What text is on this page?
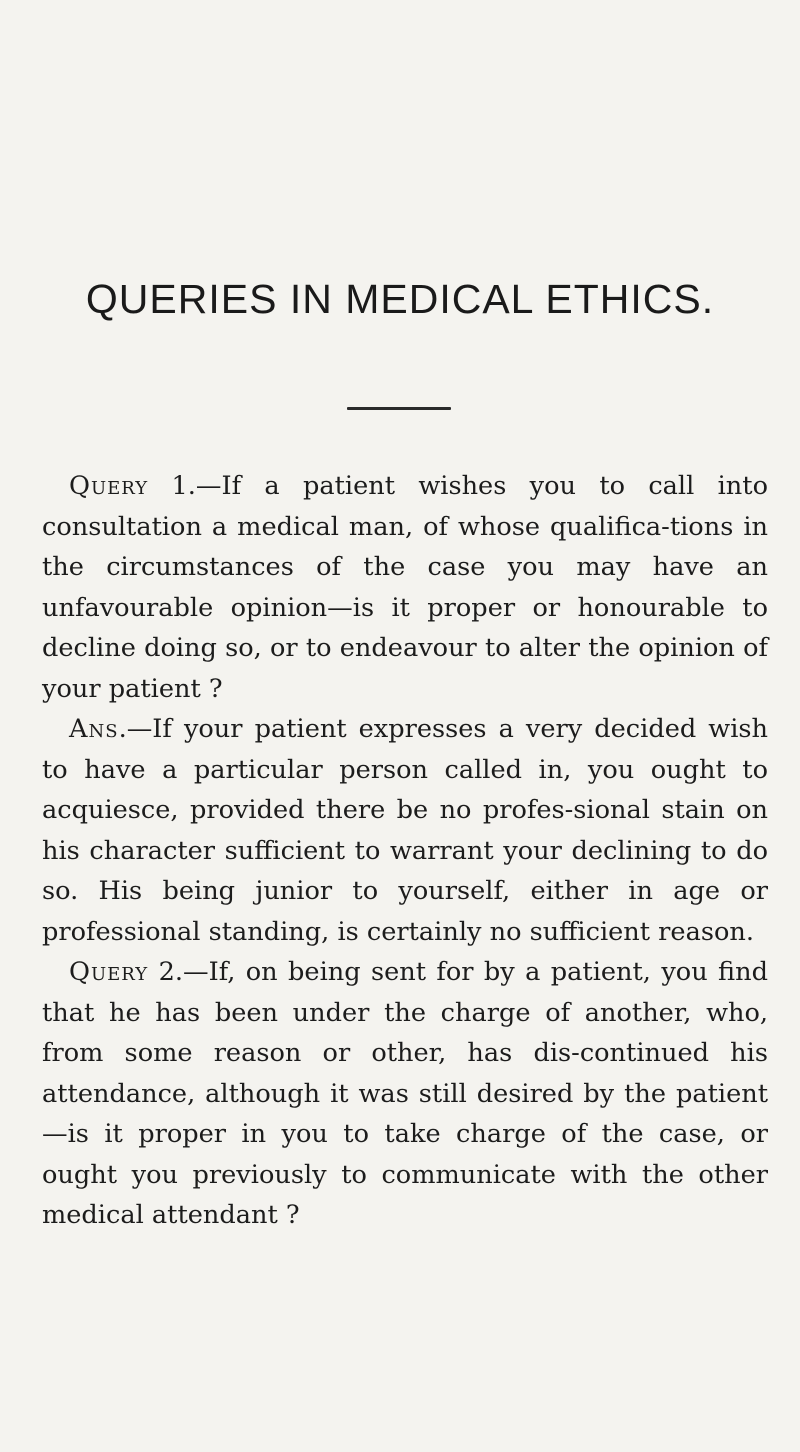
QUERIES IN MEDICAL ETHICS.

Query 1.—If a patient wishes you to call into consultation a medical man, of whose qualifica-tions in the circumstances of the case you may have an unfavourable opinion—is it proper or honourable to decline doing so, or to endeavour to alter the opinion of your patient ?

Ans.—If your patient expresses a very decided wish to have a particular person called in, you ought to acquiesce, provided there be no profes-sional stain on his character sufficient to warrant your declining to do so. His being junior to yourself, either in age or professional standing, is certainly no sufficient reason.

Query 2.—If, on being sent for by a patient, you find that he has been under the charge of another, who, from some reason or other, has dis-continued his attendance, although it was still desired by the patient—is it proper in you to take charge of the case, or ought you previously to communicate with the other medical attendant ?
